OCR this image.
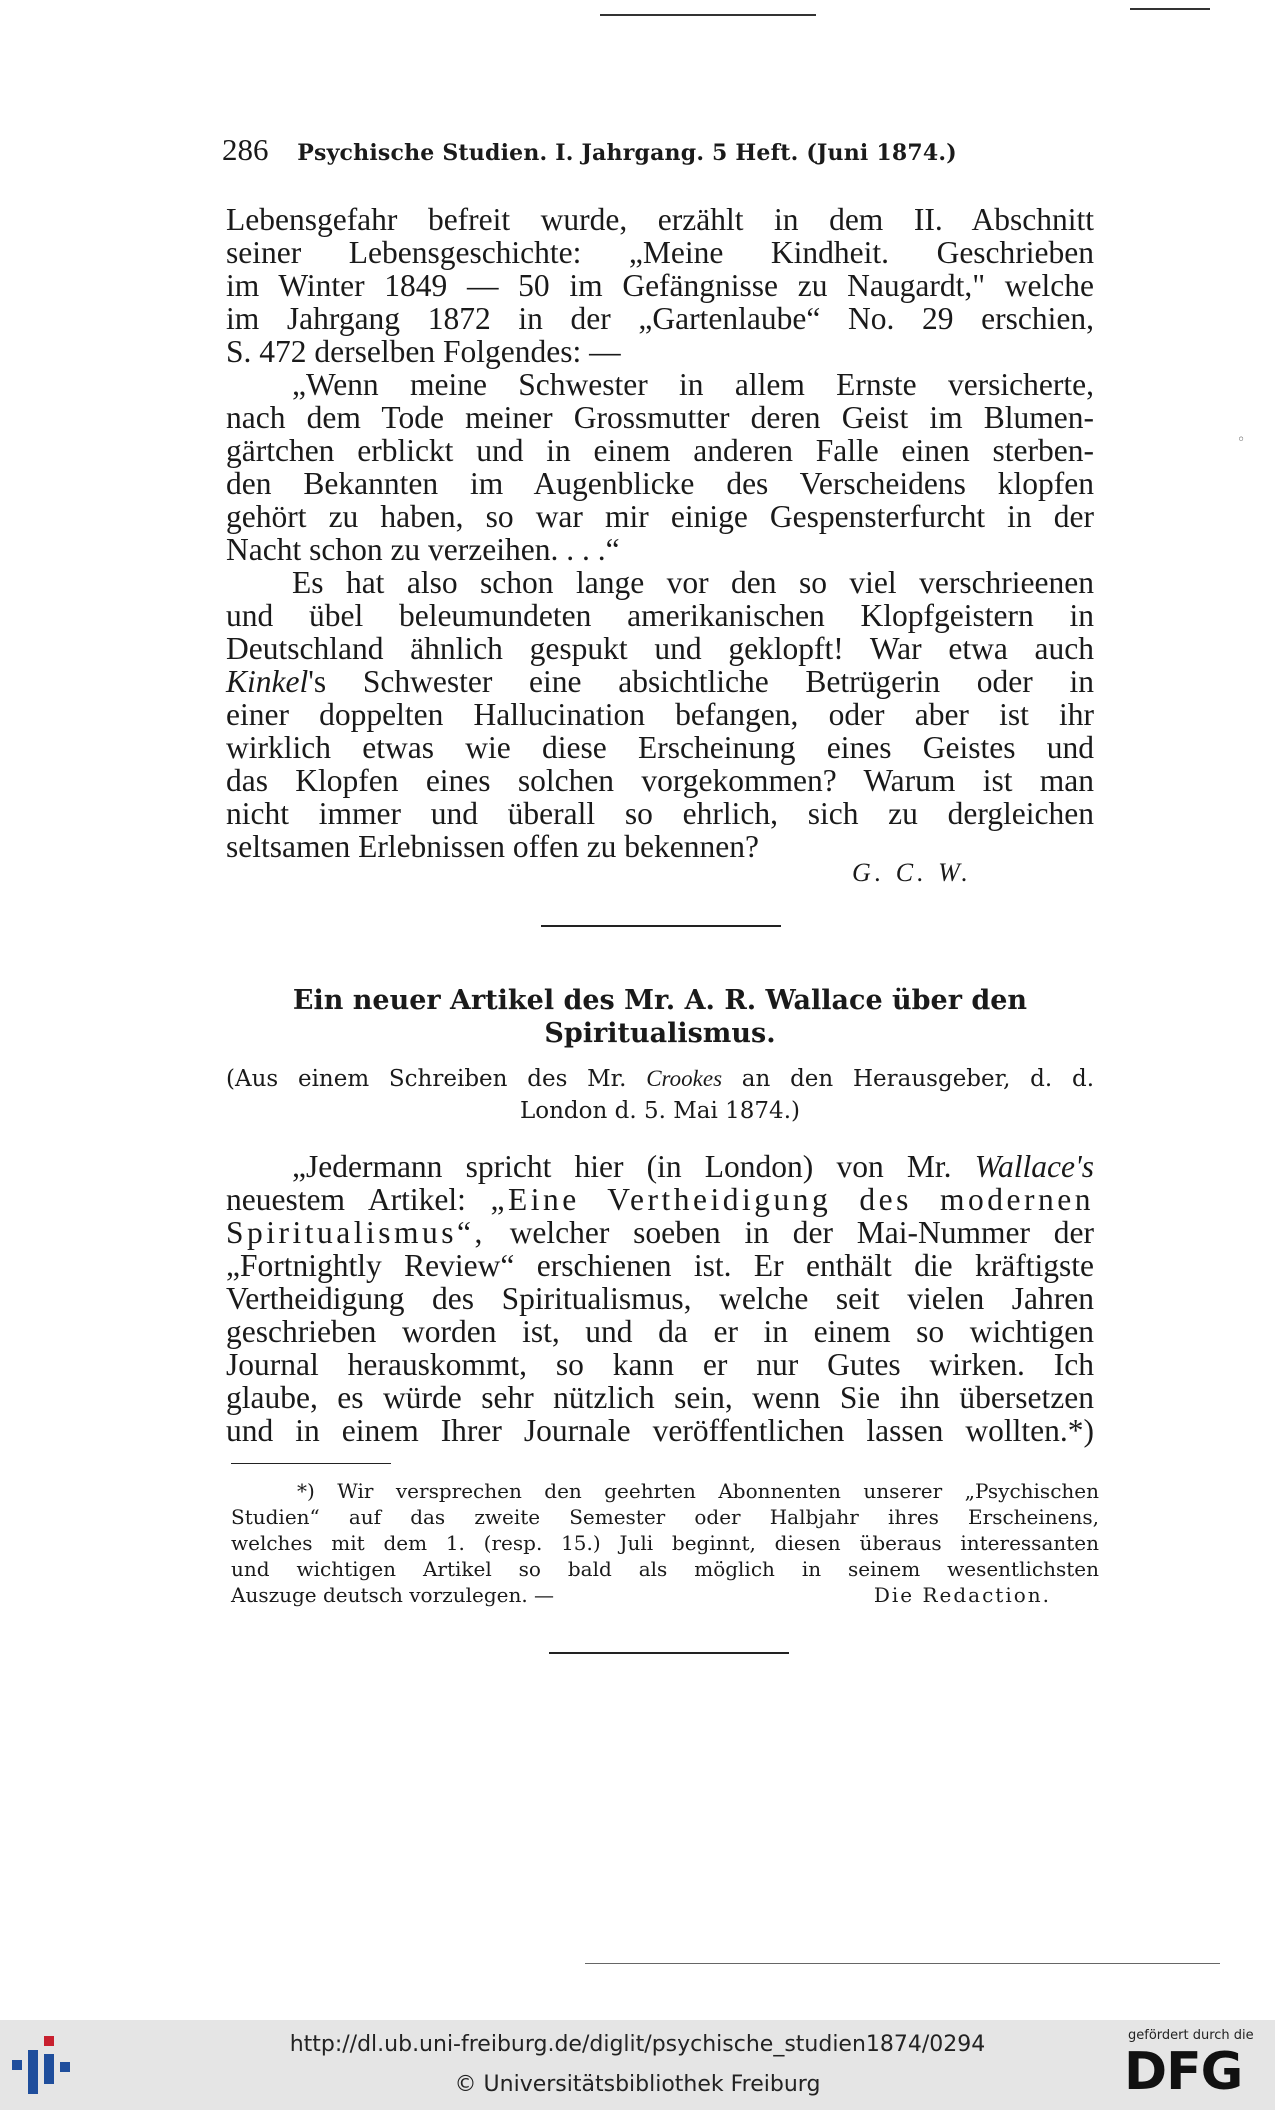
◦
286 Psychische Studien. I. Jahrgang. 5 Heft. (Juni 1874.)
Lebensgefahr befreit wurde, erzählt in dem II. Abschnitt
seiner Lebensgeschichte: „Meine Kindheit. Geschrieben
im Winter 1849 — 50 im Gefängnisse zu Naugardt," welche
im Jahrgang 1872 in der „Gartenlaube“ No. 29 erschien,
S. 472 derselben Folgendes: —
„Wenn meine Schwester in allem Ernste versicherte,
nach dem Tode meiner Grossmutter deren Geist im Blumen-
gärtchen erblickt und in einem anderen Falle einen sterben-
den Bekannten im Augenblicke des Verscheidens klopfen
gehört zu haben, so war mir einige Gespensterfurcht in der
Nacht schon zu verzeihen. . . .“
Es hat also schon lange vor den so viel verschrieenen
und übel beleumundeten amerikanischen Klopfgeistern in
Deutschland ähnlich gespukt und geklopft! War etwa auch
Kinkel's Schwester eine absichtliche Betrügerin oder in
einer doppelten Hallucination befangen, oder aber ist ihr
wirklich etwas wie diese Erscheinung eines Geistes und
das Klopfen eines solchen vorgekommen? Warum ist man
nicht immer und überall so ehrlich, sich zu dergleichen
seltsamen Erlebnissen offen zu bekennen?
G. C. W.
Ein neuer Artikel des Mr. A. R. Wallace über den
Spiritualismus.
(Aus einem Schreiben des Mr. Crookes an den Herausgeber, d. d.
London d. 5. Mai 1874.)
„Jedermann spricht hier (in London) von Mr. Wallace's
neuestem Artikel: „Eine Vertheidigung des modernen
Spiritualismus“, welcher soeben in der Mai-Nummer der
„Fortnightly Review“ erschienen ist. Er enthält die kräftigste
Vertheidigung des Spiritualismus, welche seit vielen Jahren
geschrieben worden ist, und da er in einem so wichtigen
Journal herauskommt, so kann er nur Gutes wirken. Ich
glaube, es würde sehr nützlich sein, wenn Sie ihn übersetzen
und in einem Ihrer Journale veröffentlichen lassen wollten.*)
*) Wir versprechen den geehrten Abonnenten unserer „Psychischen
Studien“ auf das zweite Semester oder Halbjahr ihres Erscheinens,
welches mit dem 1. (resp. 15.) Juli beginnt, diesen überaus interessanten
und wichtigen Artikel so bald als möglich in seinem wesentlichsten
Auszuge deutsch vorzulegen. —	Die Redaction.
http://dl.ub.uni-freiburg.de/diglit/psychische_studien1874/0294
© Universitätsbibliothek Freiburg
gefördert durch die
DFG
